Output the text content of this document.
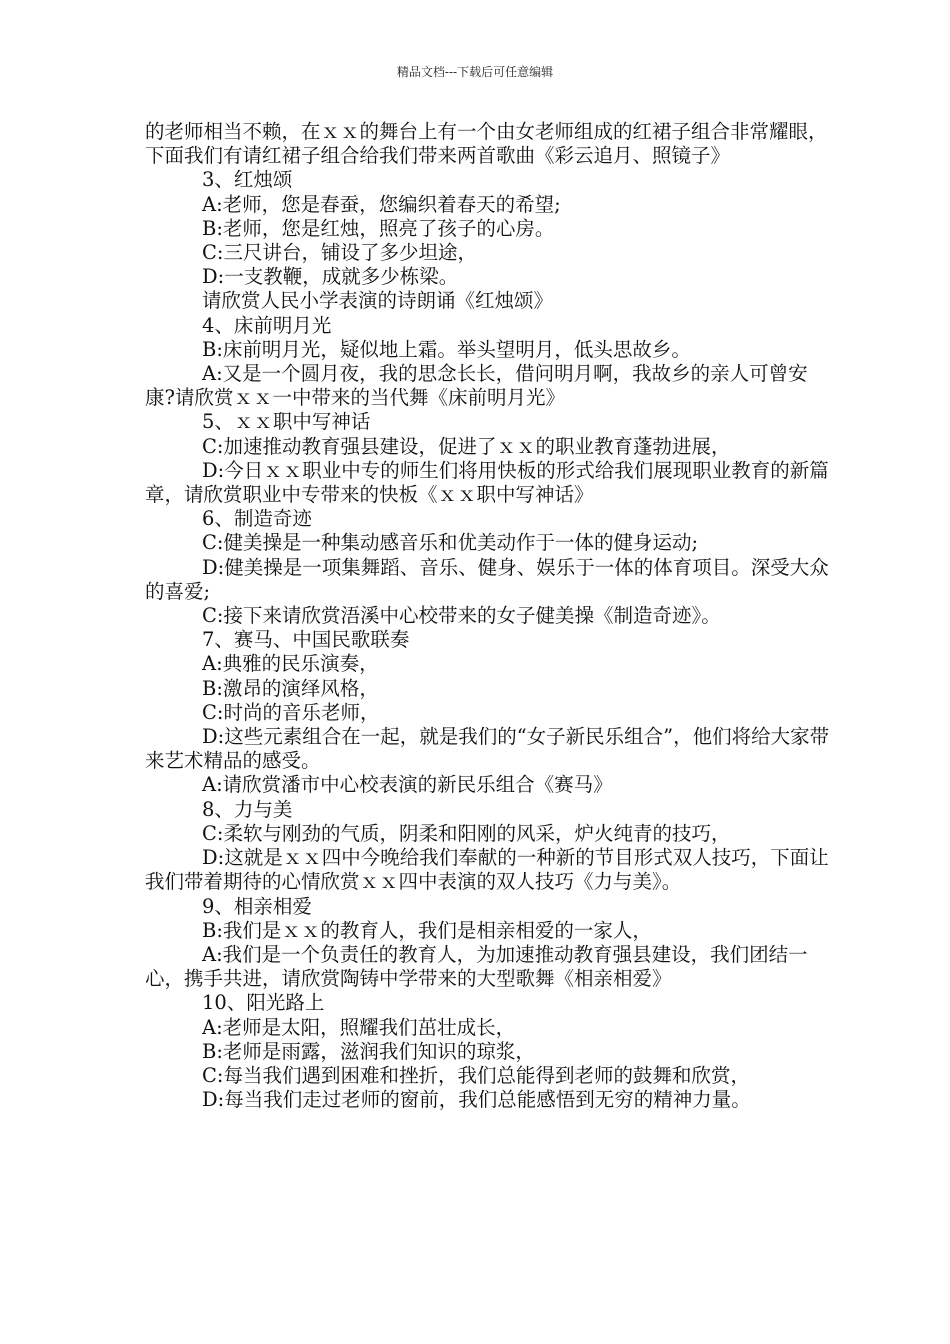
精品文档---下载后可任意编辑

的老师相当不赖，在ｘｘ的舞台上有一个由女老师组成的红裙子组合非常耀眼，下面我们有请红裙子组合给我们带来两首歌曲《彩云追月、照镜子》

3、红烛颂

A:老师，您是春蚕，您编织着春天的希望;

B:老师，您是红烛，照亮了孩子的心房。

C:三尺讲台，铺设了多少坦途，

D:一支教鞭，成就多少栋梁。

请欣赏人民小学表演的诗朗诵《红烛颂》

4、床前明月光

B:床前明月光，疑似地上霜。举头望明月，低头思故乡。

A:又是一个圆月夜，我的思念长长，借问明月啊，我故乡的亲人可曾安康?请欣赏ｘｘ一中带来的当代舞《床前明月光》

5、ｘｘ职中写神话

C:加速推动教育强县建设，促进了ｘｘ的职业教育蓬勃进展，

D:今日ｘｘ职业中专的师生们将用快板的形式给我们展现职业教育的新篇章，请欣赏职业中专带来的快板《ｘｘ职中写神话》

6、制造奇迹

C:健美操是一种集动感音乐和优美动作于一体的健身运动;

D:健美操是一项集舞蹈、音乐、健身、娱乐于一体的体育项目。深受大众的喜爱;

C:接下来请欣赏浯溪中心校带来的女子健美操《制造奇迹》。

7、赛马、中国民歌联奏

A:典雅的民乐演奏，

B:激昂的演绎风格，

C:时尚的音乐老师，

D:这些元素组合在一起，就是我们的“女子新民乐组合”，他们将给大家带来艺术精品的感受。

A:请欣赏潘市中心校表演的新民乐组合《赛马》

8、力与美

C:柔软与刚劲的气质，阴柔和阳刚的风采，炉火纯青的技巧，

D:这就是ｘｘ四中今晚给我们奉献的一种新的节目形式双人技巧，下面让我们带着期待的心情欣赏ｘｘ四中表演的双人技巧《力与美》。

9、相亲相爱

B:我们是ｘｘ的教育人，我们是相亲相爱的一家人，

A:我们是一个负责任的教育人，为加速推动教育强县建设，我们团结一心，携手共进，请欣赏陶铸中学带来的大型歌舞《相亲相爱》

10、阳光路上

A:老师是太阳，照耀我们茁壮成长，

B:老师是雨露，滋润我们知识的琼浆，

C:每当我们遇到困难和挫折，我们总能得到老师的鼓舞和欣赏，

D:每当我们走过老师的窗前，我们总能感悟到无穷的精神力量。
